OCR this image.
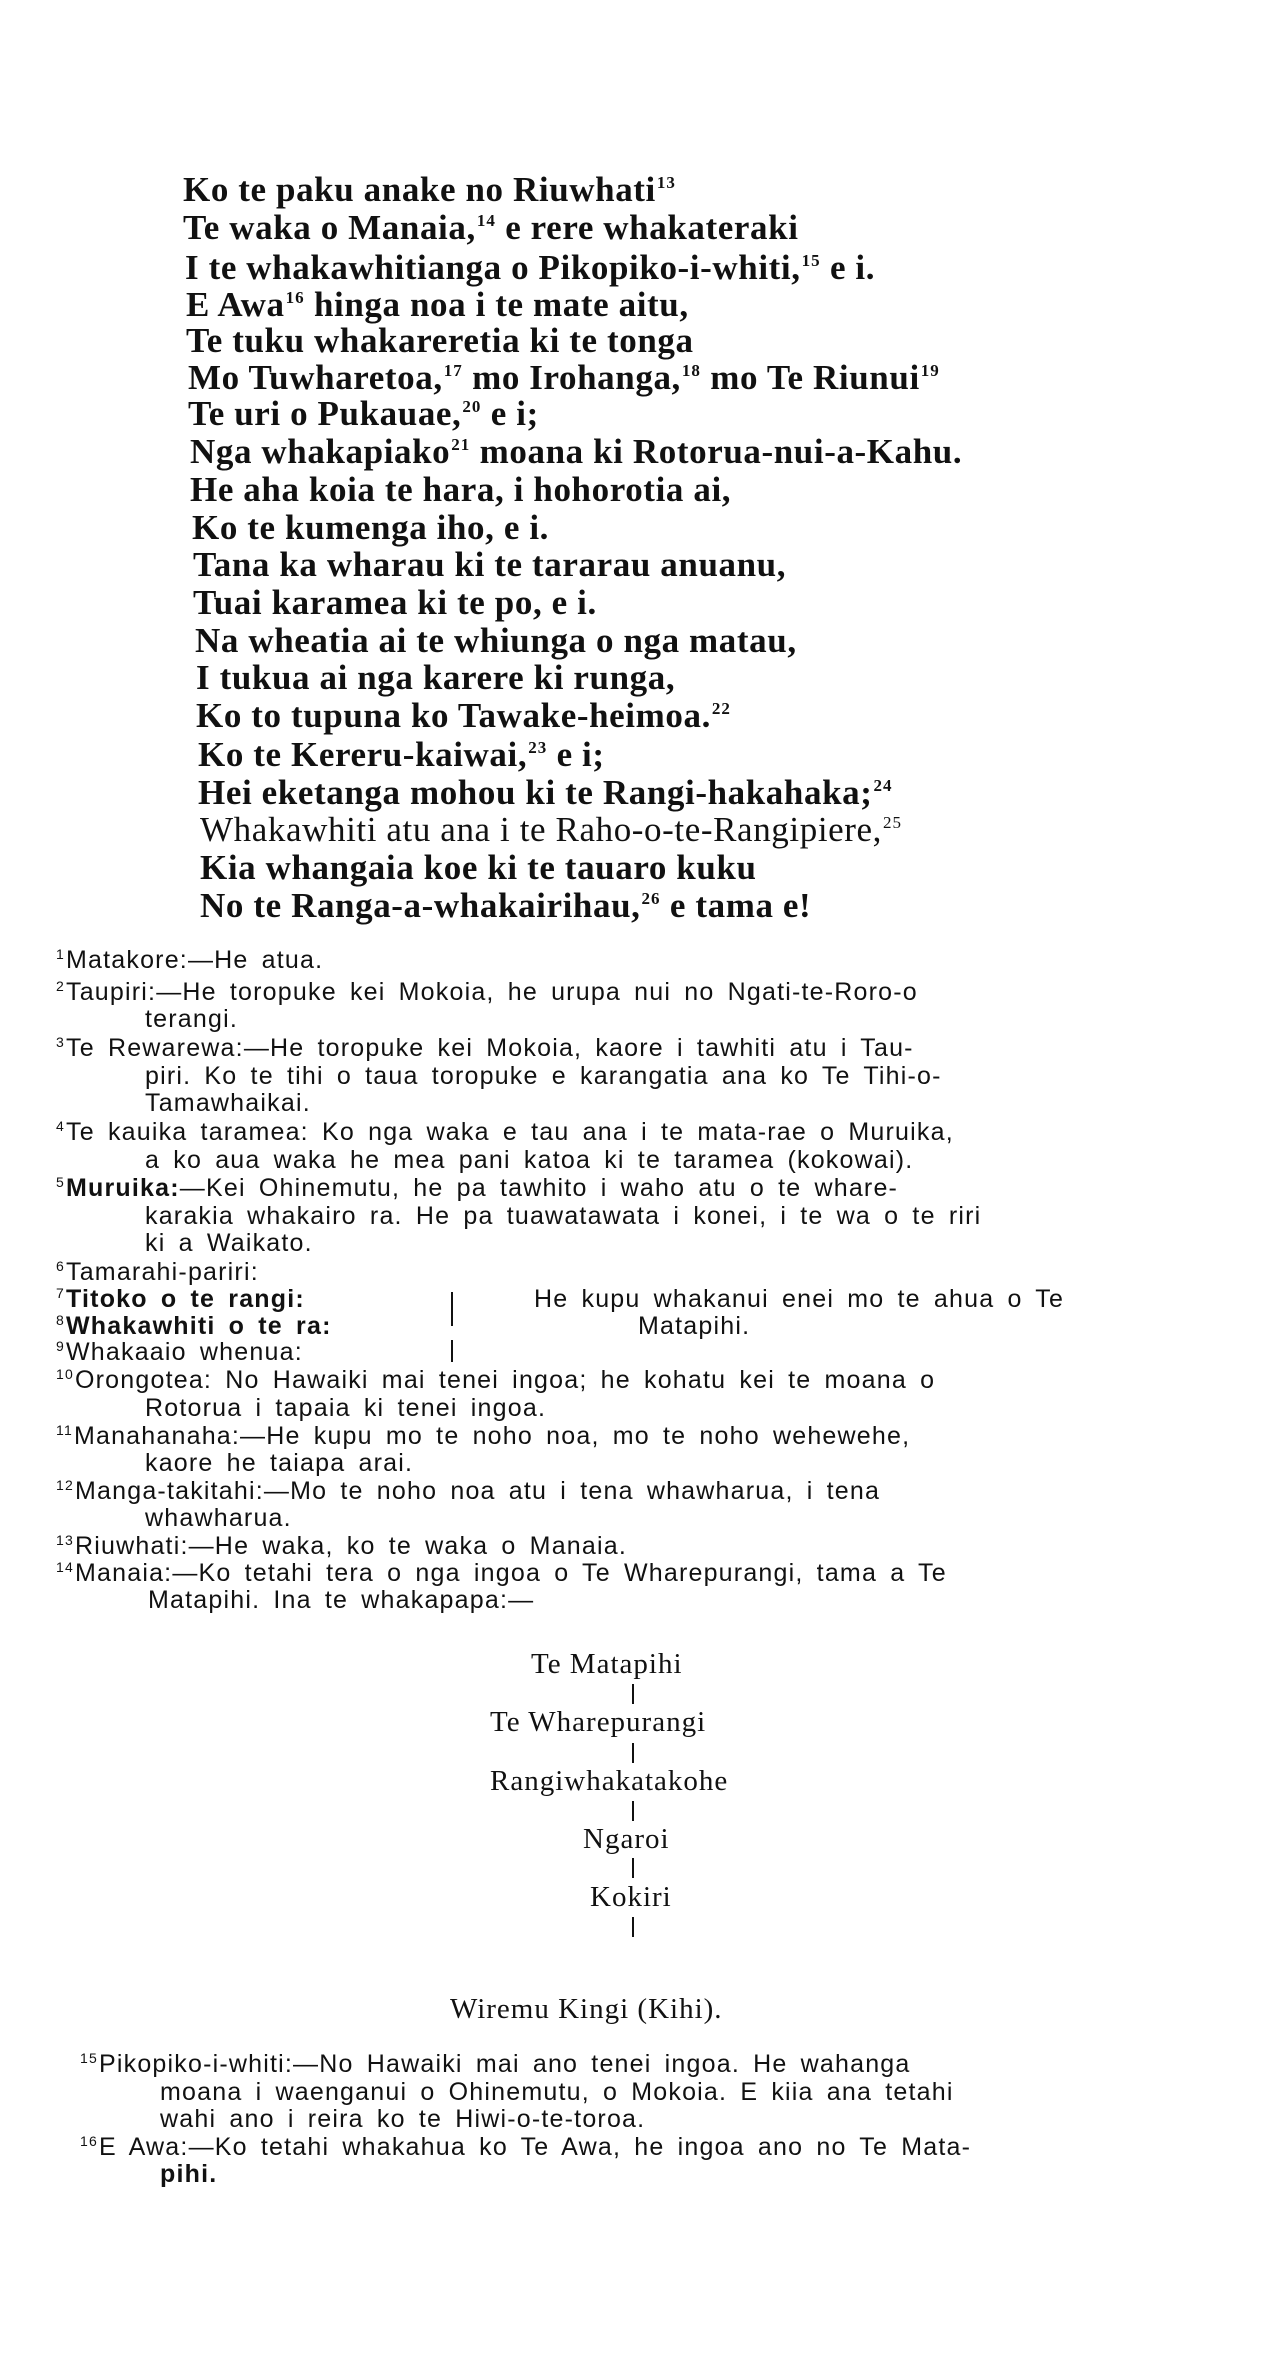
Ko te paku anake no Riuwhati$^{13}$
Te waka o Manaia,$^{14}$ e rere whakateraki
I te whakawhitianga o Pikopiko-i-whiti,$^{15}$ e i.
E Awa$^{16}$ hinga noa i te mate aitu,
Te tuku whakareretia ki te tonga
Mo Tuwharetoa,$^{17}$ mo Irohanga,$^{18}$ mo Te Riunui$^{19}$
Te uri o Pukauae,$^{20}$ e i;
Nga whakapiako$^{21}$ moana ki Rotorua-nui-a-Kahu.
He aha koia te hara, i hohorotia ai,
Ko te kumenga iho, e i.
Tana ka wharau ki te tararau anuanu,
Tuai karamea ki te po, e i.
Na wheatia ai te whiunga o nga matau,
I tukua ai nga karere ki runga,
Ko to tupuna ko Tawake-heimoa.$^{22}$
Ko te Kereru-kaiwai,$^{23}$ e i;
Hei eketanga mohou ki te Rangi-hakahaka;$^{24}$
Whakawhiti atu ana i te Raho-o-te-Rangipiere,$^{25}$
Kia whangaia koe ki te tauaro kuku
No te Ranga-a-whakairihau,$^{26}$ e tama e!
$^1$Matakore:—He atua.
$^2$Taupiri:—He toropuke kei Mokoia, he urupa nui no Ngati-te-Roro-o
terangi.
$^3$Te Rewarewa:—He toropuke kei Mokoia, kaore i tawhiti atu i Tau-
piri. Ko te tihi o taua toropuke e karangatia ana ko Te Tihi-o-
Tamawhaikai.
$^4$Te kauika taramea: Ko nga waka e tau ana i te mata-rae o Muruika,
a ko aua waka he mea pani katoa ki te taramea (kokowai).
$^5$Muruika:—Kei Ohinemutu, he pa tawhito i waho atu o te whare-
karakia whakairo ra. He pa tuawatawata i konei, i te wa o te riri
ki a Waikato.
$^6$Tamarahi-pariri:
$^7$Titoko o te rangi:
$^8$Whakawhiti o te ra:
$^9$Whakaaio whenua:
He kupu whakanui enei mo te ahua o Te
Matapihi.
$^{10}$Orongotea: No Hawaiki mai tenei ingoa; he kohatu kei te moana o
Rotorua i tapaia ki tenei ingoa.
$^{11}$Manahanaha:—He kupu mo te noho noa, mo te noho wehewehe,
kaore he taiapa arai.
$^{12}$Manga-takitahi:—Mo te noho noa atu i tena whawharua, i tena
whawharua.
$^{13}$Riuwhati:—He waka, ko te waka o Manaia.
$^{14}$Manaia:—Ko tetahi tera o nga ingoa o Te Wharepurangi, tama a Te
Matapihi. Ina te whakapapa:—
$^{15}$Pikopiko-i-whiti:—No Hawaiki mai ano tenei ingoa. He wahanga
moana i waenganui o Ohinemutu, o Mokoia. E kiia ana tetahi
wahi ano i reira ko te Hiwi-o-te-toroa.
$^{16}$E Awa:—Ko tetahi whakahua ko Te Awa, he ingoa ano no Te Mata-
pihi.
Te Matapihi
Te Wharepurangi
Rangiwhakatakohe
Ngaroi
Kokiri
Wiremu Kingi (Kihi).
